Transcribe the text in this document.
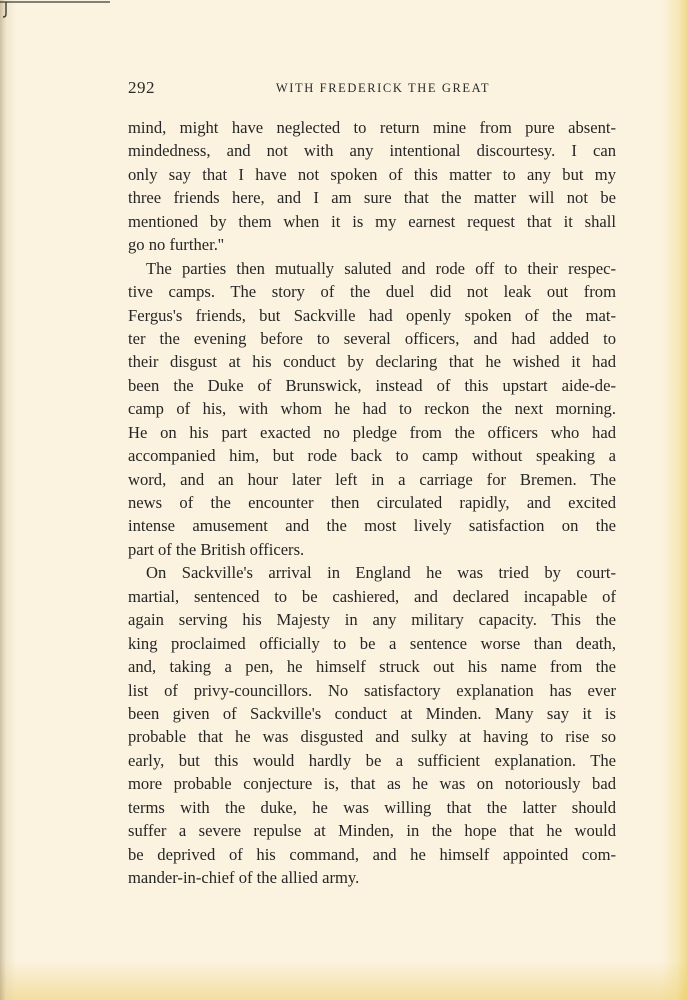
292	WITH FREDERICK THE GREAT
mind, might have neglected to return mine from pure absent-
mindedness, and not with any intentional discourtesy. I can
only say that I have not spoken of this matter to any but my
three friends here, and I am sure that the matter will not be
mentioned by them when it is my earnest request that it shall
go no further.''
The parties then mutually saluted and rode off to their respec-
tive camps. The story of the duel did not leak out from
Fergus's friends, but Sackville had openly spoken of the mat-
ter the evening before to several officers, and had added to
their disgust at his conduct by declaring that he wished it had
been the Duke of Brunswick, instead of this upstart aide-de-
camp of his, with whom he had to reckon the next morning.
He on his part exacted no pledge from the officers who had
accompanied him, but rode back to camp without speaking a
word, and an hour later left in a carriage for Bremen. The
news of the encounter then circulated rapidly, and excited
intense amusement and the most lively satisfaction on the
part of the British officers.
On Sackville's arrival in England he was tried by court-
martial, sentenced to be cashiered, and declared incapable of
again serving his Majesty in any military capacity. This the
king proclaimed officially to be a sentence worse than death,
and, taking a pen, he himself struck out his name from the
list of privy-councillors. No satisfactory explanation has ever
been given of Sackville's conduct at Minden. Many say it is
probable that he was disgusted and sulky at having to rise so
early, but this would hardly be a sufficient explanation. The
more probable conjecture is, that as he was on notoriously bad
terms with the duke, he was willing that the latter should
suffer a severe repulse at Minden, in the hope that he would
be deprived of his command, and he himself appointed com-
mander-in-chief of the allied army.
